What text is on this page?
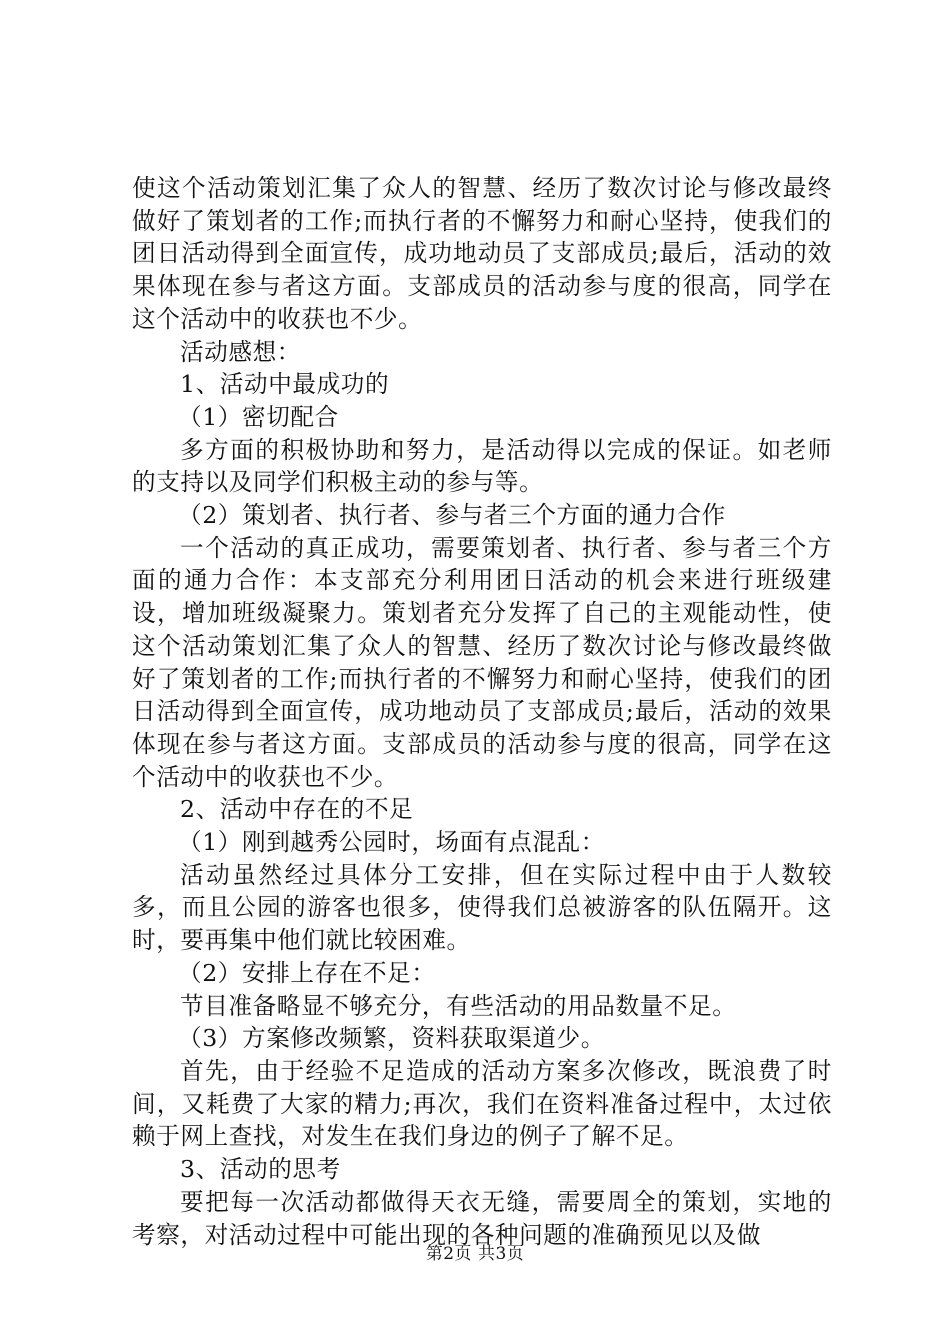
使这个活动策划汇集了众人的智慧、经历了数次讨论与修改最终做好了策划者的工作;而执行者的不懈努力和耐心坚持，使我们的团日活动得到全面宣传，成功地动员了支部成员;最后，活动的效果体现在参与者这方面。支部成员的活动参与度的很高，同学在这个活动中的收获也不少。

活动感想：

1、活动中最成功的

（1）密切配合

多方面的积极协助和努力，是活动得以完成的保证。如老师的支持以及同学们积极主动的参与等。

（2）策划者、执行者、参与者三个方面的通力合作

一个活动的真正成功，需要策划者、执行者、参与者三个方面的通力合作：本支部充分利用团日活动的机会来进行班级建设，增加班级凝聚力。策划者充分发挥了自己的主观能动性，使这个活动策划汇集了众人的智慧、经历了数次讨论与修改最终做好了策划者的工作;而执行者的不懈努力和耐心坚持，使我们的团日活动得到全面宣传，成功地动员了支部成员;最后，活动的效果体现在参与者这方面。支部成员的活动参与度的很高，同学在这个活动中的收获也不少。

2、活动中存在的不足

（1）刚到越秀公园时，场面有点混乱：

活动虽然经过具体分工安排，但在实际过程中由于人数较多，而且公园的游客也很多，使得我们总被游客的队伍隔开。这时，要再集中他们就比较困难。

（2）安排上存在不足：

节目准备略显不够充分，有些活动的用品数量不足。

（3）方案修改频繁，资料获取渠道少。

首先，由于经验不足造成的活动方案多次修改，既浪费了时间，又耗费了大家的精力;再次，我们在资料准备过程中，太过依赖于网上查找，对发生在我们身边的例子了解不足。

3、活动的思考

要把每一次活动都做得天衣无缝，需要周全的策划，实地的考察，对活动过程中可能出现的各种问题的准确预见以及做

第2页 共3页
